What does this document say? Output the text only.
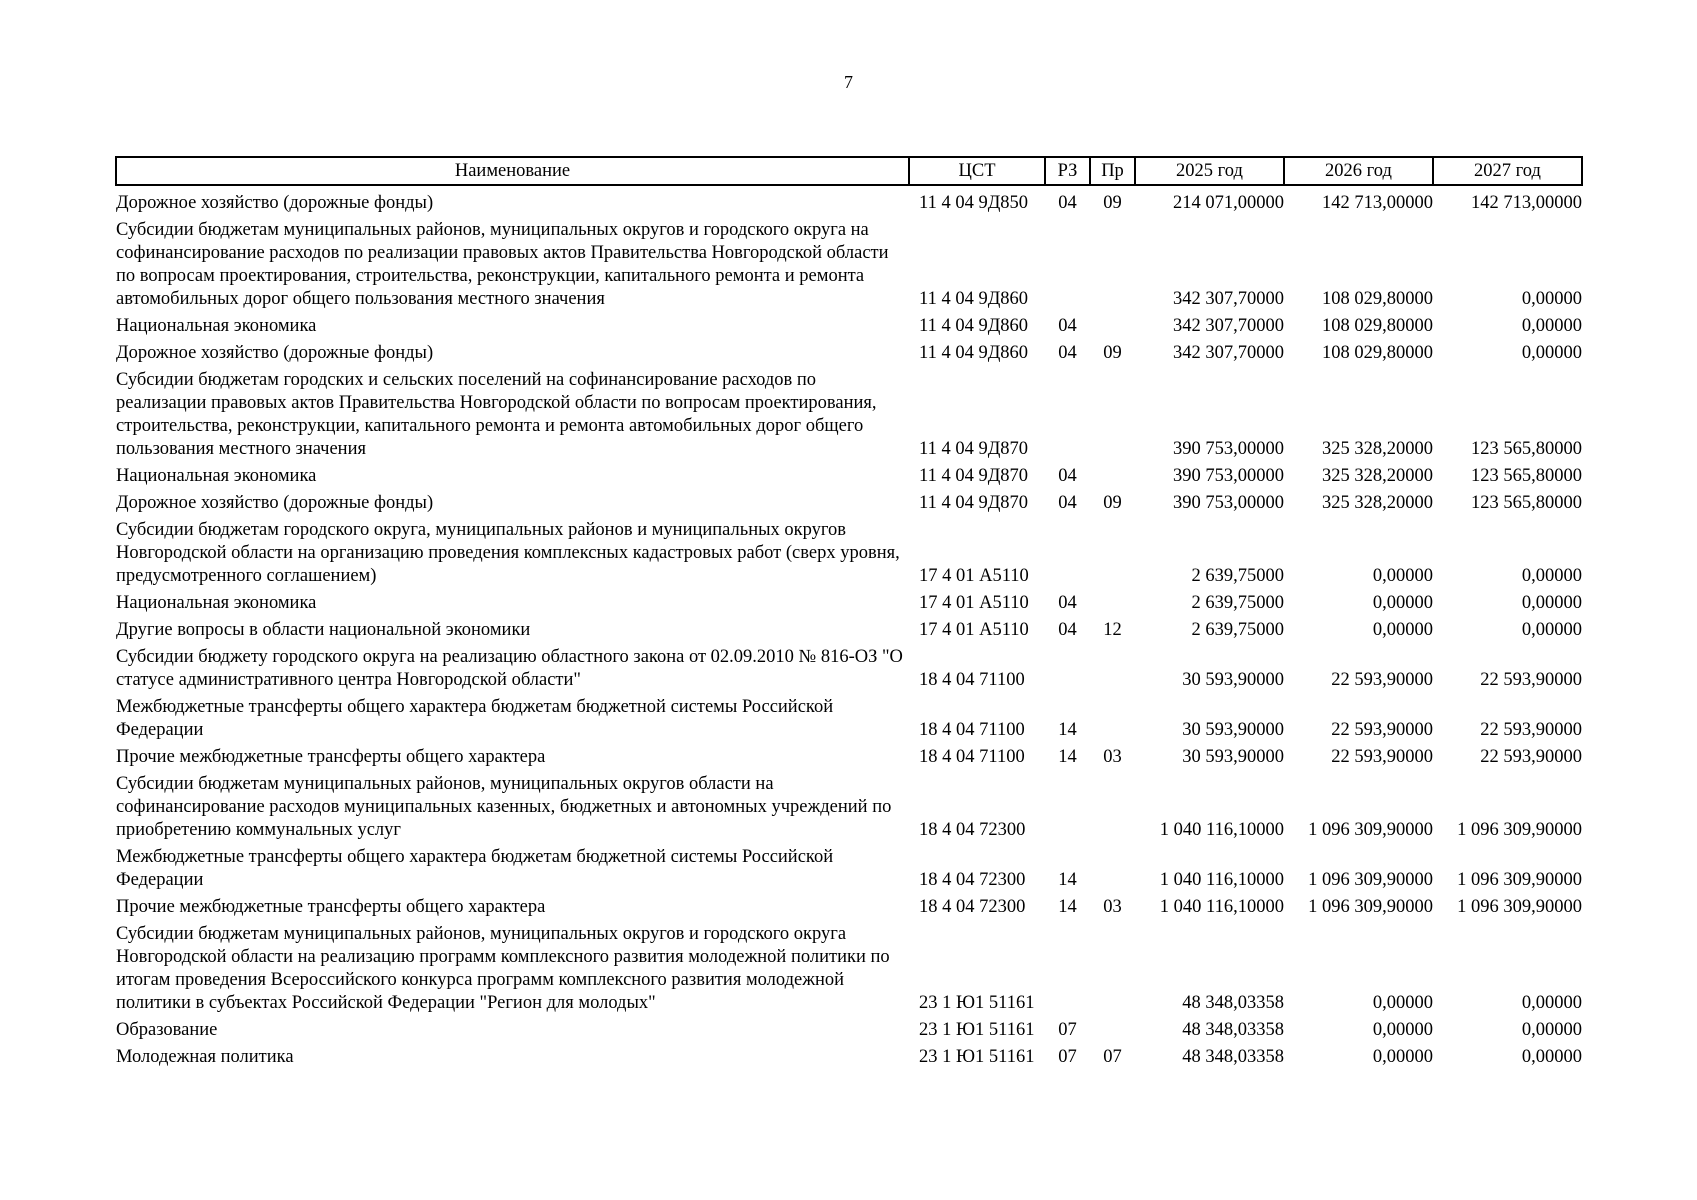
7
Наименование	ЦСТ	РЗ	Пр	2025 год	2026 год	2027 год
Дорожное хозяйство (дорожные фонды)	11 4 04 9Д850	04	09	214 071,00000	142 713,00000	142 713,00000
Субсидии бюджетам муниципальных районов, муниципальных округов и городского округа на софинансирование расходов по реализации правовых актов Правительства Новгородской области по вопросам проектирования, строительства, реконструкции, капитального ремонта и ремонта автомобильных дорог общего пользования местного значения	11 4 04 9Д860			342 307,70000	108 029,80000	0,00000
Национальная экономика	11 4 04 9Д860	04		342 307,70000	108 029,80000	0,00000
Дорожное хозяйство (дорожные фонды)	11 4 04 9Д860	04	09	342 307,70000	108 029,80000	0,00000
Субсидии бюджетам городских и сельских поселений на софинансирование расходов по реализации правовых актов Правительства Новгородской области по вопросам проектирования, строительства, реконструкции, капитального ремонта и ремонта автомобильных дорог общего пользования местного значения	11 4 04 9Д870			390 753,00000	325 328,20000	123 565,80000
Национальная экономика	11 4 04 9Д870	04		390 753,00000	325 328,20000	123 565,80000
Дорожное хозяйство (дорожные фонды)	11 4 04 9Д870	04	09	390 753,00000	325 328,20000	123 565,80000
Субсидии бюджетам городского округа, муниципальных районов и муниципальных округов Новгородской области на организацию проведения комплексных кадастровых работ (сверх уровня, предусмотренного соглашением)	17 4 01 А5110			2 639,75000	0,00000	0,00000
Национальная экономика	17 4 01 А5110	04		2 639,75000	0,00000	0,00000
Другие вопросы в области национальной экономики	17 4 01 А5110	04	12	2 639,75000	0,00000	0,00000
Субсидии бюджету городского округа на реализацию областного закона от 02.09.2010 № 816-ОЗ "О статусе административного центра Новгородской области"	18 4 04 71100			30 593,90000	22 593,90000	22 593,90000
Межбюджетные трансферты общего характера бюджетам бюджетной системы Российской Федерации	18 4 04 71100	14		30 593,90000	22 593,90000	22 593,90000
Прочие межбюджетные трансферты общего характера	18 4 04 71100	14	03	30 593,90000	22 593,90000	22 593,90000
Субсидии бюджетам муниципальных районов, муниципальных округов области на софинансирование расходов муниципальных казенных, бюджетных и автономных учреждений по приобретению коммунальных услуг	18 4 04 72300			1 040 116,10000	1 096 309,90000	1 096 309,90000
Межбюджетные трансферты общего характера бюджетам бюджетной системы Российской Федерации	18 4 04 72300	14		1 040 116,10000	1 096 309,90000	1 096 309,90000
Прочие межбюджетные трансферты общего характера	18 4 04 72300	14	03	1 040 116,10000	1 096 309,90000	1 096 309,90000
Субсидии бюджетам муниципальных районов, муниципальных округов и городского округа Новгородской области на реализацию программ комплексного развития молодежной политики по итогам проведения Всероссийского конкурса программ комплексного развития молодежной политики в субъектах Российской Федерации "Регион для молодых"	23 1 Ю1 51161			48 348,03358	0,00000	0,00000
Образование	23 1 Ю1 51161	07		48 348,03358	0,00000	0,00000
Молодежная политика	23 1 Ю1 51161	07	07	48 348,03358	0,00000	0,00000
